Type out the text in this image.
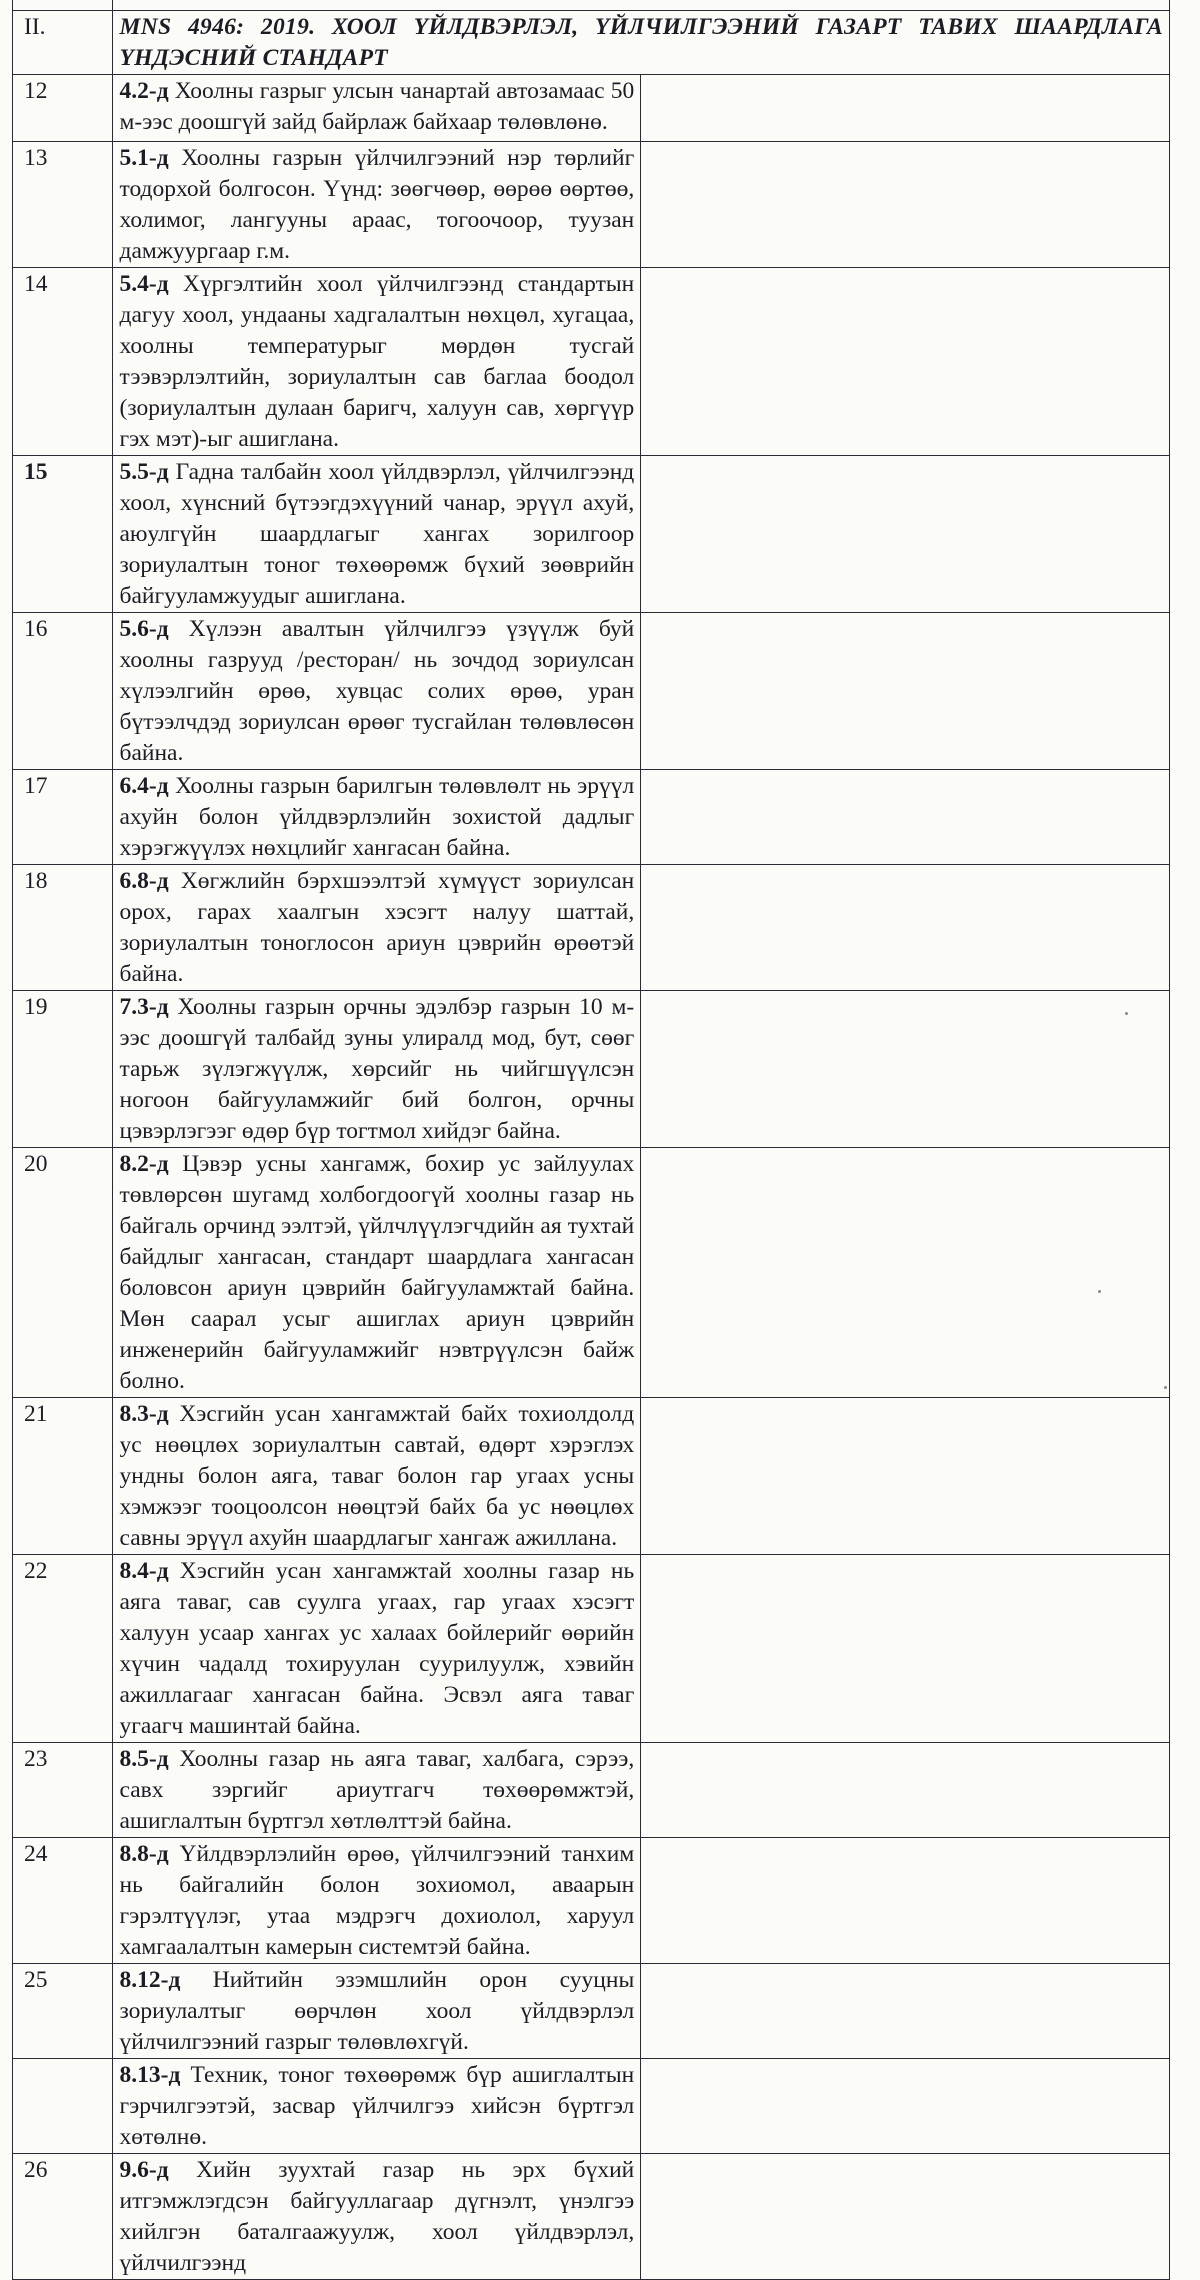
II.	MNS 4946: 2019. ХООЛ ҮЙЛДВЭРЛЭЛ, ҮЙЛЧИЛГЭЭНИЙ ГАЗАРТ ТАВИХ ШААРДЛАГА ҮНДЭСНИЙ СТАНДАРТ	
12	4.2-д Хоолны газрыг улсын чанартай автозамаас 50 м-ээс доошгүй зайд байрлаж байхаар төлөвлөнө.	
13	5.1-д Хоолны газрын үйлчилгээний нэр төрлийг тодорхой болгосон. Үүнд: зөөгчөөр, өөрөө өөртөө, холимог, лангууны араас, тогоочоор, туузан дамжуургаар г.м.	
14	5.4-д Хүргэлтийн хоол үйлчилгээнд стандартын дагуу хоол, ундааны хадгалалтын нөхцөл, хугацаа, хоолны температурыг мөрдөн тусгай тээвэрлэлтийн, зориулалтын сав баглаа боодол (зориулалтын дулаан баригч, халуун сав, хөргүүр гэх мэт)-ыг ашиглана.	
15	5.5-д Гадна талбайн хоол үйлдвэрлэл, үйлчилгээнд хоол, хүнсний бүтээгдэхүүний чанар, эрүүл ахуй, аюулгүйн шаардлагыг хангах зорилгоор зориулалтын тоног төхөөрөмж бүхий зөөврийн байгууламжуудыг ашиглана.	
16	5.6-д Хүлээн авалтын үйлчилгээ үзүүлж буй хоолны газрууд /ресторан/ нь зочдод зориулсан хүлээлгийн өрөө, хувцас солих өрөө, уран бүтээлчдэд зориулсан өрөөг тусгайлан төлөвлөсөн байна.	
17	6.4-д Хоолны газрын барилгын төлөвлөлт нь эрүүл ахуйн болон үйлдвэрлэлийн зохистой дадлыг хэрэгжүүлэх нөхцлийг хангасан байна.	
18	6.8-д Хөгжлийн бэрхшээлтэй хүмүүст зориулсан орох, гарах хаалгын хэсэгт налуу шаттай, зориулалтын тоноглосон ариун цэврийн өрөөтэй байна.	
19	7.3-д Хоолны газрын орчны эдэлбэр газрын 10 м-ээс доошгүй талбайд зуны улиралд мод, бут, сөөг тарьж зүлэгжүүлж, хөрсийг нь чийгшүүлсэн ногоон байгууламжийг бий болгон, орчны цэвэрлэгээг өдөр бүр тогтмол хийдэг байна.	
20	8.2-д Цэвэр усны хангамж, бохир ус зайлуулах төвлөрсөн шугамд холбогдоогүй хоолны газар нь байгаль орчинд ээлтэй, үйлчлүүлэгчдийн ая тухтай байдлыг хангасан, стандарт шаардлага хангасан боловсон ариун цэврийн байгууламжтай байна. Мөн саарал усыг ашиглах ариун цэврийн инженерийн байгууламжийг нэвтрүүлсэн байж болно.	
21	8.3-д Хэсгийн усан хангамжтай байх тохиолдолд ус нөөцлөх зориулалтын савтай, өдөрт хэрэглэх ундны болон аяга, таваг болон гар угаах усны хэмжээг тооцоолсон нөөцтэй байх ба ус нөөцлөх савны эрүүл ахуйн шаардлагыг хангаж ажиллана.	
22	8.4-д Хэсгийн усан хангамжтай хоолны газар нь аяга таваг, сав суулга угаах, гар угаах хэсэгт халуун усаар хангах ус халаах бойлерийг өөрийн хүчин чадалд тохируулан суурилуулж, хэвийн ажиллагааг хангасан байна. Эсвэл аяга таваг угаагч машинтай байна.	
23	8.5-д Хоолны газар нь аяга таваг, халбага, сэрээ, савх зэргийг ариутгагч төхөөрөмжтэй, ашиглалтын бүртгэл хөтлөлттэй байна.	
24	8.8-д Үйлдвэрлэлийн өрөө, үйлчилгээний танхим нь байгалийн болон зохиомол, аваарын гэрэлтүүлэг, утаа мэдрэгч дохиолол, харуул хамгаалалтын камерын системтэй байна.	
25	8.12-д Нийтийн эзэмшлийн орон сууцны зориулалтыг өөрчлөн хоол үйлдвэрлэл үйлчилгээний газрыг төлөвлөхгүй.	
	8.13-д Техник, тоног төхөөрөмж бүр ашиглалтын гэрчилгээтэй, засвар үйлчилгээ хийсэн бүртгэл хөтөлнө.	
26	9.6-д Хийн зуухтай газар нь эрх бүхий итгэмжлэгдсэн байгууллагаар дүгнэлт, үнэлгээ хийлгэн баталгаажуулж, хоол үйлдвэрлэл, үйлчилгээнд	
